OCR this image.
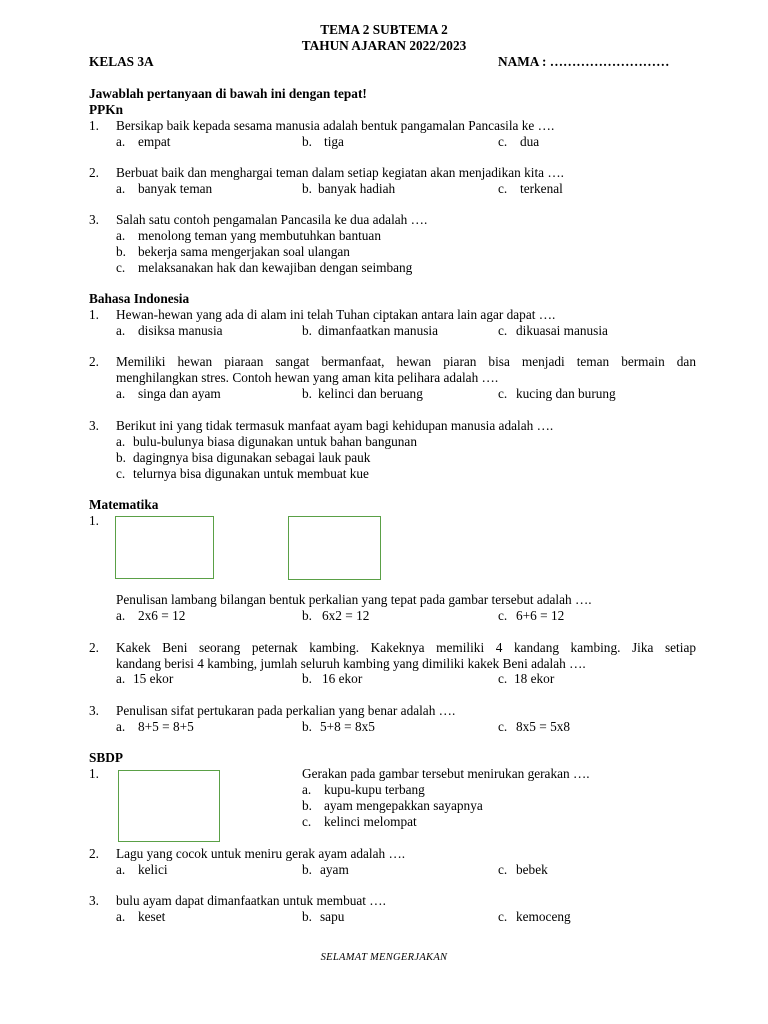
TEMA 2 SUBTEMA 2
TAHUN AJARAN 2022/2023
KELAS 3A	NAMA : ………………………
Jawablah pertanyaan di bawah ini dengan tepat!
PPKn
1. Bersikap baik kepada sesama manusia adalah bentuk pangamalan Pancasila ke ….
a. empat	b. tiga	c. dua
2. Berbuat baik dan menghargai teman dalam setiap kegiatan akan menjadikan kita ….
a. banyak teman	b. banyak hadiah	c. terkenal
3. Salah satu contoh pengamalan Pancasila ke dua adalah ….
a. menolong teman yang membutuhkan bantuan
b. bekerja sama mengerjakan soal ulangan
c. melaksanakan hak dan kewajiban dengan seimbang
Bahasa Indonesia
1. Hewan-hewan yang ada di alam ini telah Tuhan ciptakan antara lain agar dapat ….
a. disiksa manusia	b. dimanfaatkan manusia	c. dikuasai manusia
2. Memiliki hewan piaraan sangat bermanfaat, hewan piaran bisa menjadi teman bermain dan
menghilangkan stres. Contoh hewan yang aman kita pelihara adalah ….
a. singa dan ayam	b. kelinci dan beruang	c. kucing dan burung
3. Berikut ini yang tidak termasuk manfaat ayam bagi kehidupan manusia adalah ….
a. bulu-bulunya biasa digunakan untuk bahan bangunan
b. dagingnya bisa digunakan sebagai lauk pauk
c. telurnya bisa digunakan untuk membuat kue
Matematika
1.
Penulisan lambang bilangan bentuk perkalian yang tepat pada gambar tersebut adalah ….
a. 2x6 = 12	b. 6x2 = 12	c. 6+6 = 12
2. Kakek Beni seorang peternak kambing. Kakeknya memiliki 4 kandang kambing. Jika setiap
kandang berisi 4 kambing, jumlah seluruh kambing yang dimiliki kakek Beni adalah ….
a. 15 ekor	b. 16 ekor	c. 18 ekor
3. Penulisan sifat pertukaran pada perkalian yang benar adalah ….
a. 8+5 = 8+5	b. 5+8 = 8x5	c. 8x5 = 5x8
SBDP
1.	Gerakan pada gambar tersebut menirukan gerakan ….
a. kupu-kupu terbang
b. ayam mengepakkan sayapnya
c. kelinci melompat
2. Lagu yang cocok untuk meniru gerak ayam adalah ….
a. kelici	b. ayam	c. bebek
3. bulu ayam dapat dimanfaatkan untuk membuat ….
a. keset	b. sapu	c. kemoceng
SELAMAT MENGERJAKAN
